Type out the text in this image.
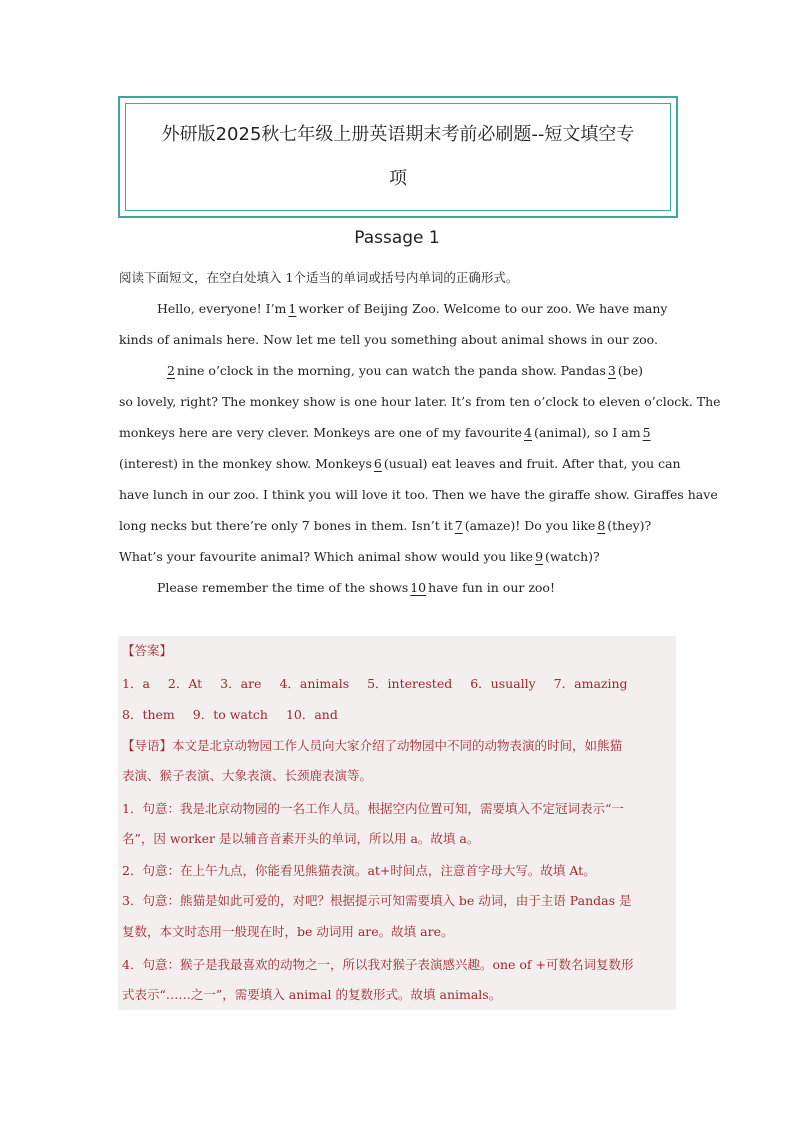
外研版2025秋七年级上册英语期末考前必刷题--短文填空专
项
Passage 1
阅读下面短文，在空白处填入 1个适当的单词或括号内单词的正确形式。
Hello, everyone! I’m 1 worker of Beijing Zoo. Welcome to our zoo. We have many
kinds of animals here. Now let me tell you something about animal shows in our zoo.
2 nine o’clock in the morning, you can watch the panda show. Pandas 3 (be)
so lovely, right? The monkey show is one hour later. It’s from ten o’clock to eleven o’clock. The
monkeys here are very clever. Monkeys are one of my favourite 4 (animal), so I am 5
(interest) in the monkey show. Monkeys 6 (usual) eat leaves and fruit. After that, you can
have lunch in our zoo. I think you will love it too. Then we have the giraffe show. Giraffes have
long necks but there’re only 7 bones in them. Isn’t it 7 (amaze)! Do you like 8 (they)?
What’s your favourite animal? Which animal show would you like 9 (watch)?
Please remember the time of the shows 10 have fun in our zoo!
【答案】
1．a 2．At 3．are 4．animals 5．interested 6．usually 7．amazing
8．them 9．to watch 10．and
【导语】本文是北京动物园工作人员向大家介绍了动物园中不同的动物表演的时间，如熊猫
表演、猴子表演、大象表演、长颈鹿表演等。
1．句意：我是北京动物园的一名工作人员。根据空内位置可知，需要填入不定冠词表示“一
名”，因 worker 是以辅音音素开头的单词，所以用 a。故填 a。
2．句意：在上午九点，你能看见熊猫表演。at+时间点，注意首字母大写。故填 At。
3．句意：熊猫是如此可爱的，对吧？根据提示可知需要填入 be 动词，由于主语 Pandas 是
复数，本文时态用一般现在时，be 动词用 are。故填 are。
4．句意：猴子是我最喜欢的动物之一，所以我对猴子表演感兴趣。one of +可数名词复数形
式表示“……之一”，需要填入 animal 的复数形式。故填 animals。
